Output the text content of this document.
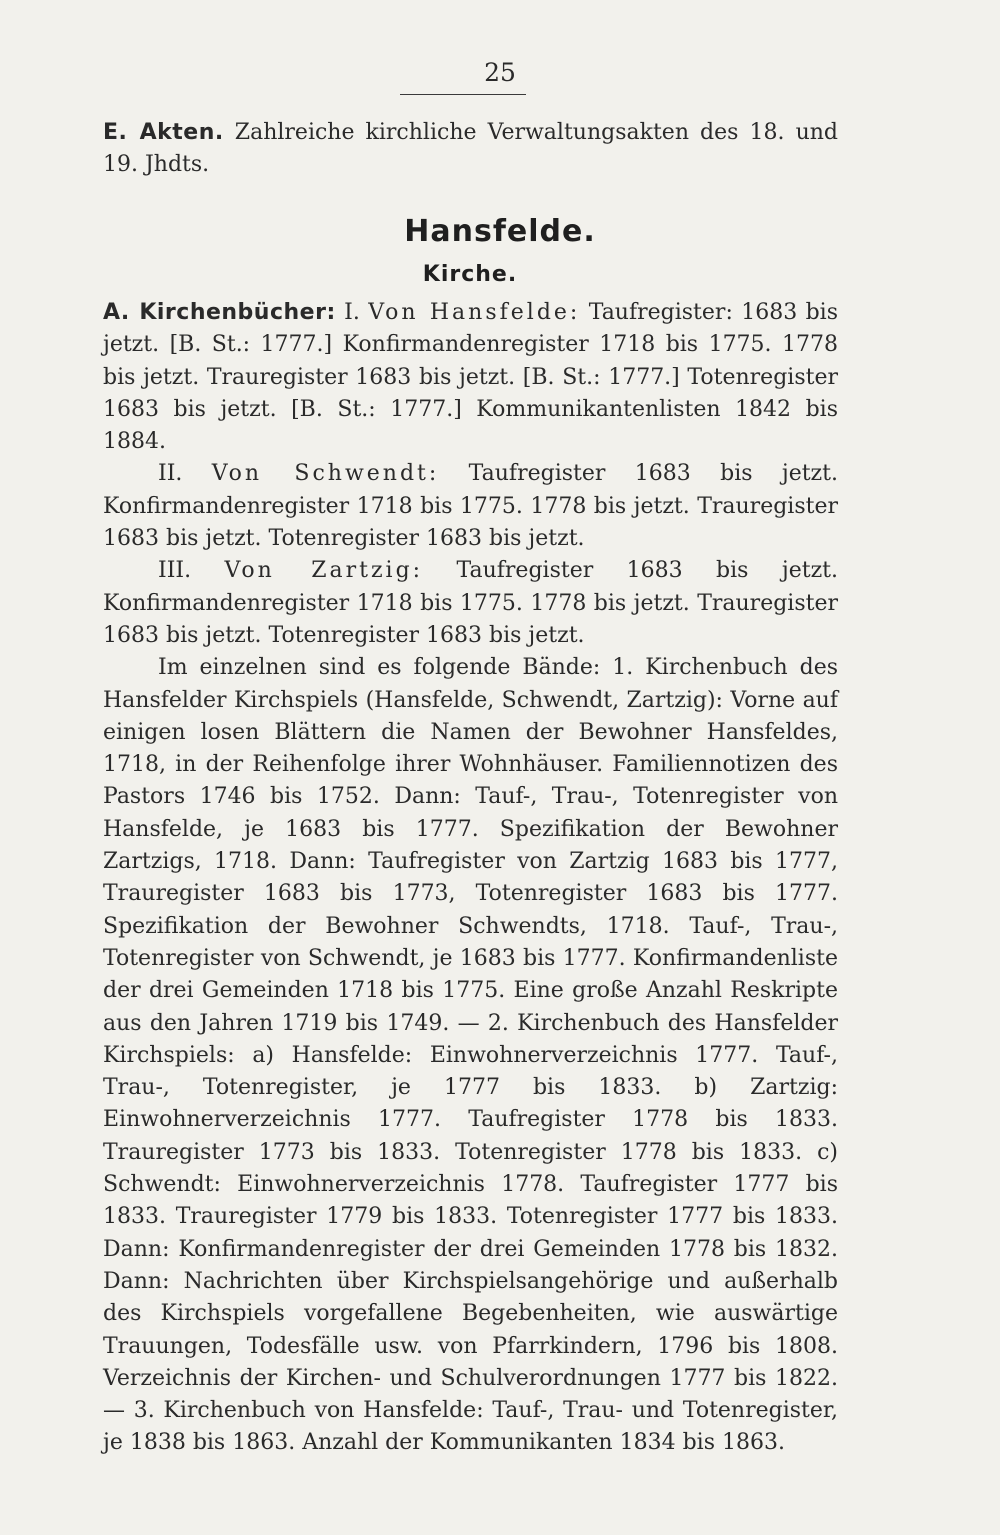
25

E. Akten. Zahlreiche kirchliche Verwaltungsakten des 18. und 19. Jhdts.

Hansfelde.
Kirche.

A. Kirchenbücher: I. Von Hansfelde: Taufregister: 1683 bis jetzt. [B. St.: 1777.] Konfirmandenregister 1718 bis 1775. 1778 bis jetzt. Trauregister 1683 bis jetzt. [B. St.: 1777.] Totenregister 1683 bis jetzt. [B. St.: 1777.] Kommunikantenlisten 1842 bis 1884.

II. Von Schwendt: Taufregister 1683 bis jetzt. Konfirmandenregister 1718 bis 1775. 1778 bis jetzt. Trauregister 1683 bis jetzt. Totenregister 1683 bis jetzt.

III. Von Zartzig: Taufregister 1683 bis jetzt. Konfirmandenregister 1718 bis 1775. 1778 bis jetzt. Trauregister 1683 bis jetzt. Totenregister 1683 bis jetzt.

Im einzelnen sind es folgende Bände: 1. Kirchenbuch des Hansfelder Kirchspiels (Hansfelde, Schwendt, Zartzig): Vorne auf einigen losen Blättern die Namen der Bewohner Hansfeldes, 1718, in der Reihenfolge ihrer Wohnhäuser. Familiennotizen des Pastors 1746 bis 1752. Dann: Tauf-, Trau-, Totenregister von Hansfelde, je 1683 bis 1777. Spezifikation der Bewohner Zartzigs, 1718. Dann: Taufregister von Zartzig 1683 bis 1777, Trauregister 1683 bis 1773, Totenregister 1683 bis 1777. Spezifikation der Bewohner Schwendts, 1718. Tauf-, Trau-, Totenregister von Schwendt, je 1683 bis 1777. Konfirmandenliste der drei Gemeinden 1718 bis 1775. Eine große Anzahl Reskripte aus den Jahren 1719 bis 1749. — 2. Kirchenbuch des Hansfelder Kirchspiels: a) Hansfelde: Einwohnerverzeichnis 1777. Tauf-, Trau-, Totenregister, je 1777 bis 1833. b) Zartzig: Einwohnerverzeichnis 1777. Taufregister 1778 bis 1833. Trauregister 1773 bis 1833. Totenregister 1778 bis 1833. c) Schwendt: Einwohnerverzeichnis 1778. Taufregister 1777 bis 1833. Trauregister 1779 bis 1833. Totenregister 1777 bis 1833. Dann: Konfirmandenregister der drei Gemeinden 1778 bis 1832. Dann: Nachrichten über Kirchspielsangehörige und außerhalb des Kirchspiels vorgefallene Begebenheiten, wie auswärtige Trauungen, Todesfälle usw. von Pfarrkindern, 1796 bis 1808. Verzeichnis der Kirchen- und Schulverordnungen 1777 bis 1822. — 3. Kirchenbuch von Hansfelde: Tauf-, Trau- und Totenregister, je 1838 bis 1863. Anzahl der Kommunikanten 1834 bis 1863.
